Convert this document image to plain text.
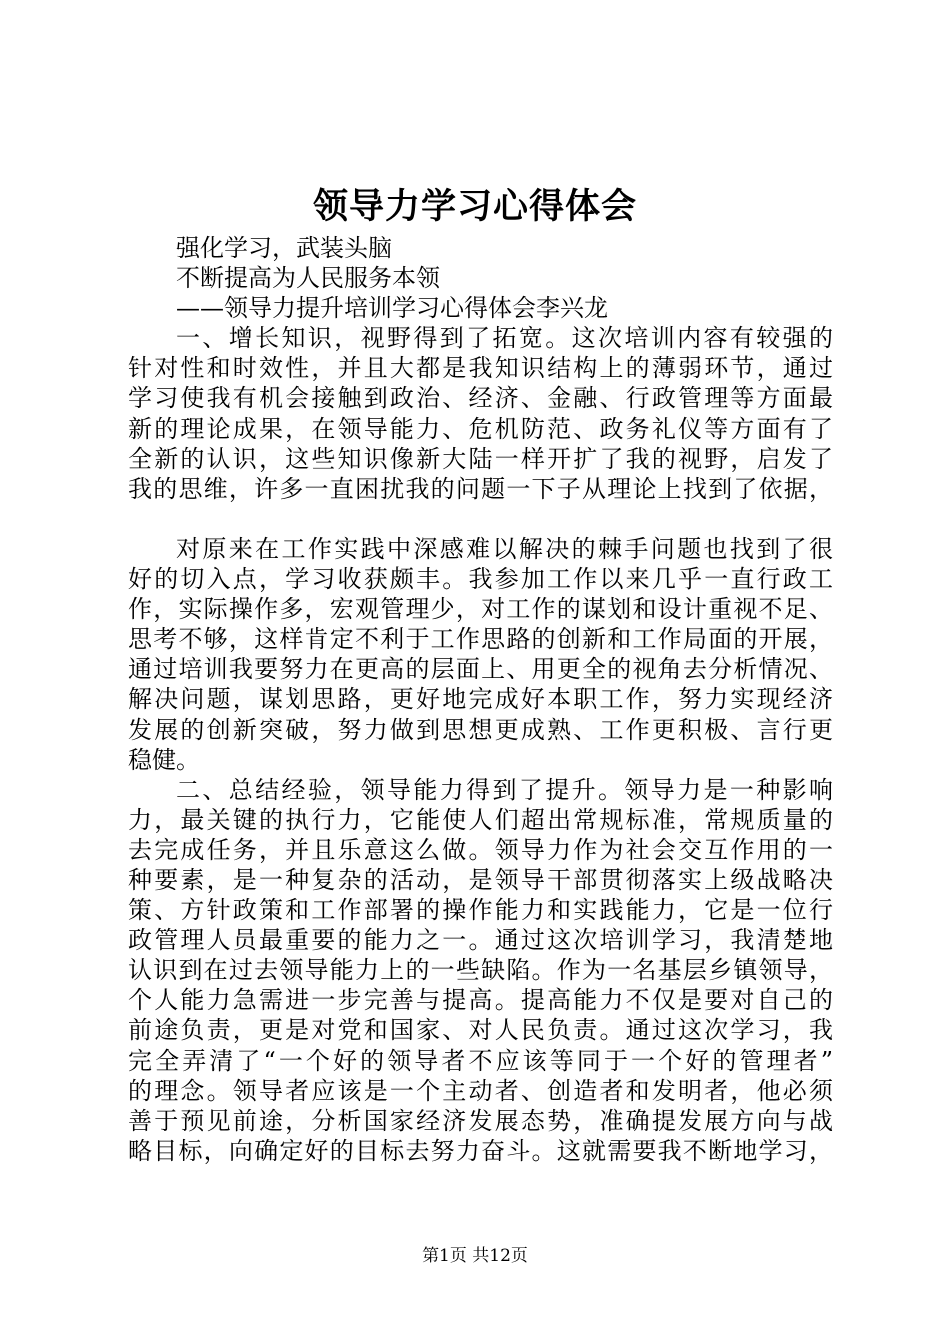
领导力学习心得体会
强化学习，武装头脑
不断提高为人民服务本领
——领导力提升培训学习心得体会李兴龙
一、增长知识，视野得到了拓宽。这次培训内容有较强的
针对性和时效性，并且大都是我知识结构上的薄弱环节，通过
学习使我有机会接触到政治、经济、金融、行政管理等方面最
新的理论成果，在领导能力、危机防范、政务礼仪等方面有了
全新的认识，这些知识像新大陆一样开扩了我的视野，启发了
我的思维，许多一直困扰我的问题一下子从理论上找到了依据，
对原来在工作实践中深感难以解决的棘手问题也找到了很
好的切入点，学习收获颇丰。我参加工作以来几乎一直行政工
作，实际操作多，宏观管理少，对工作的谋划和设计重视不足、
思考不够，这样肯定不利于工作思路的创新和工作局面的开展，
通过培训我要努力在更高的层面上、用更全的视角去分析情况、
解决问题，谋划思路，更好地完成好本职工作，努力实现经济
发展的创新突破，努力做到思想更成熟、工作更积极、言行更
稳健。
二、总结经验，领导能力得到了提升。领导力是一种影响
力，最关键的执行力，它能使人们超出常规标准，常规质量的
去完成任务，并且乐意这么做。领导力作为社会交互作用的一
种要素，是一种复杂的活动，是领导干部贯彻落实上级战略决
策、方针政策和工作部署的操作能力和实践能力，它是一位行
政管理人员最重要的能力之一。通过这次培训学习，我清楚地
认识到在过去领导能力上的一些缺陷。作为一名基层乡镇领导，
个人能力急需进一步完善与提高。提高能力不仅是要对自己的
前途负责，更是对党和国家、对人民负责。通过这次学习，我
完全弄清了“一个好的领导者不应该等同于一个好的管理者”
的理念。领导者应该是一个主动者、创造者和发明者，他必须
善于预见前途，分析国家经济发展态势，准确提发展方向与战
略目标，向确定好的目标去努力奋斗。这就需要我不断地学习，
第1页 共12页
